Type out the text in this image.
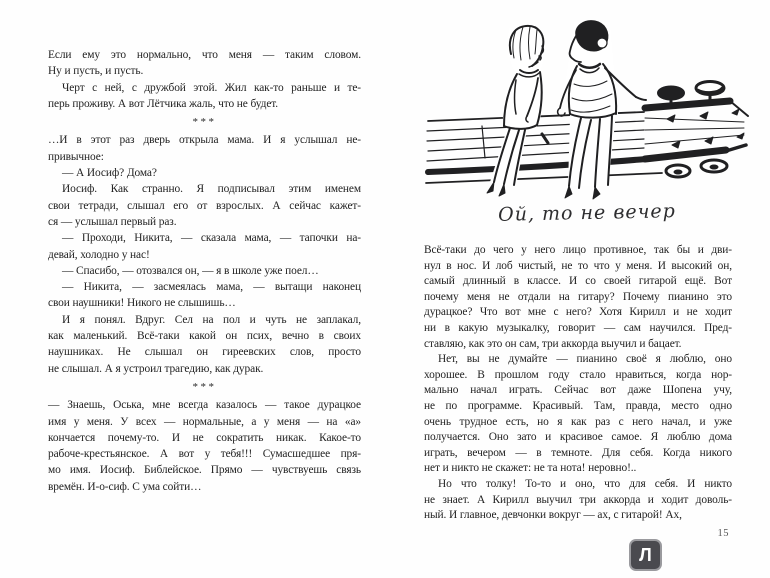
Если ему это нормально, что меня — таким словом.
Ну и пусть, и пусть.
Черт с ней, с дружбой этой. Жил как-то раньше и те-
перь проживу. А вот Лётчика жаль, что не будет.
***
…И в этот раз дверь открыла мама. И я услышал не-
привычное:
— А Иосиф? Дома?
Иосиф. Как странно. Я подписывал этим именем
свои тетради, слышал его от взрослых. А сейчас кажет-
ся — услышал первый раз.
— Проходи, Никита, — сказала мама, — тапочки на-
девай, холодно у нас!
— Спасибо, — отозвался он, — я в школе уже поел…
— Никита, — засмеялась мама, — вытащи наконец
свои наушники! Никого не слышишь…
И я понял. Вдруг. Сел на пол и чуть не заплакал,
как маленький. Всё-таки какой он псих, вечно в своих
наушниках. Не слышал он гиреевских слов, просто
не слышал. А я устроил трагедию, как дурак.
***
— Знаешь, Оська, мне всегда казалось — такое дурацкое
имя у меня. У всех — нормальные, а у меня — на «а»
кончается почему-то. И не сократить никак. Какое-то
рабоче-крестьянское. А вот у тебя!!! Сумасшедшее пря-
мо имя. Иосиф. Библейское. Прямо — чувствуешь связь
времён. И-о-сиф. С ума сойти…
Ой, то не вечер
Всё-таки до чего у него лицо противное, так бы и дви-
нул в нос. И лоб чистый, не то что у меня. И высокий он,
самый длинный в классе. И со своей гитарой ещё. Вот
почему меня не отдали на гитару? Почему пианино это
дурацкое? Что вот мне с него? Хотя Кирилл и не ходит
ни в какую музыкалку, говорит — сам научился. Пред-
ставляю, как это он сам, три аккорда выучил и бацает.
Нет, вы не думайте — пианино своё я люблю, оно
хорошее. В прошлом году стало нравиться, когда нор-
мально начал играть. Сейчас вот даже Шопена учу,
не по программе. Красивый. Там, правда, место одно
очень трудное есть, но я как раз с него начал, и уже
получается. Оно зато и красивое самое. Я люблю дома
играть, вечером — в темноте. Для себя. Когда никого
нет и никто не скажет: не та нота! неровно!..
Но что толку! То-то и оно, что для себя. И никто
не знает. А Кирилл выучил три аккорда и ходит доволь-
ный. И главное, девчонки вокруг — ах, с гитарой! Ах,
15
Л
